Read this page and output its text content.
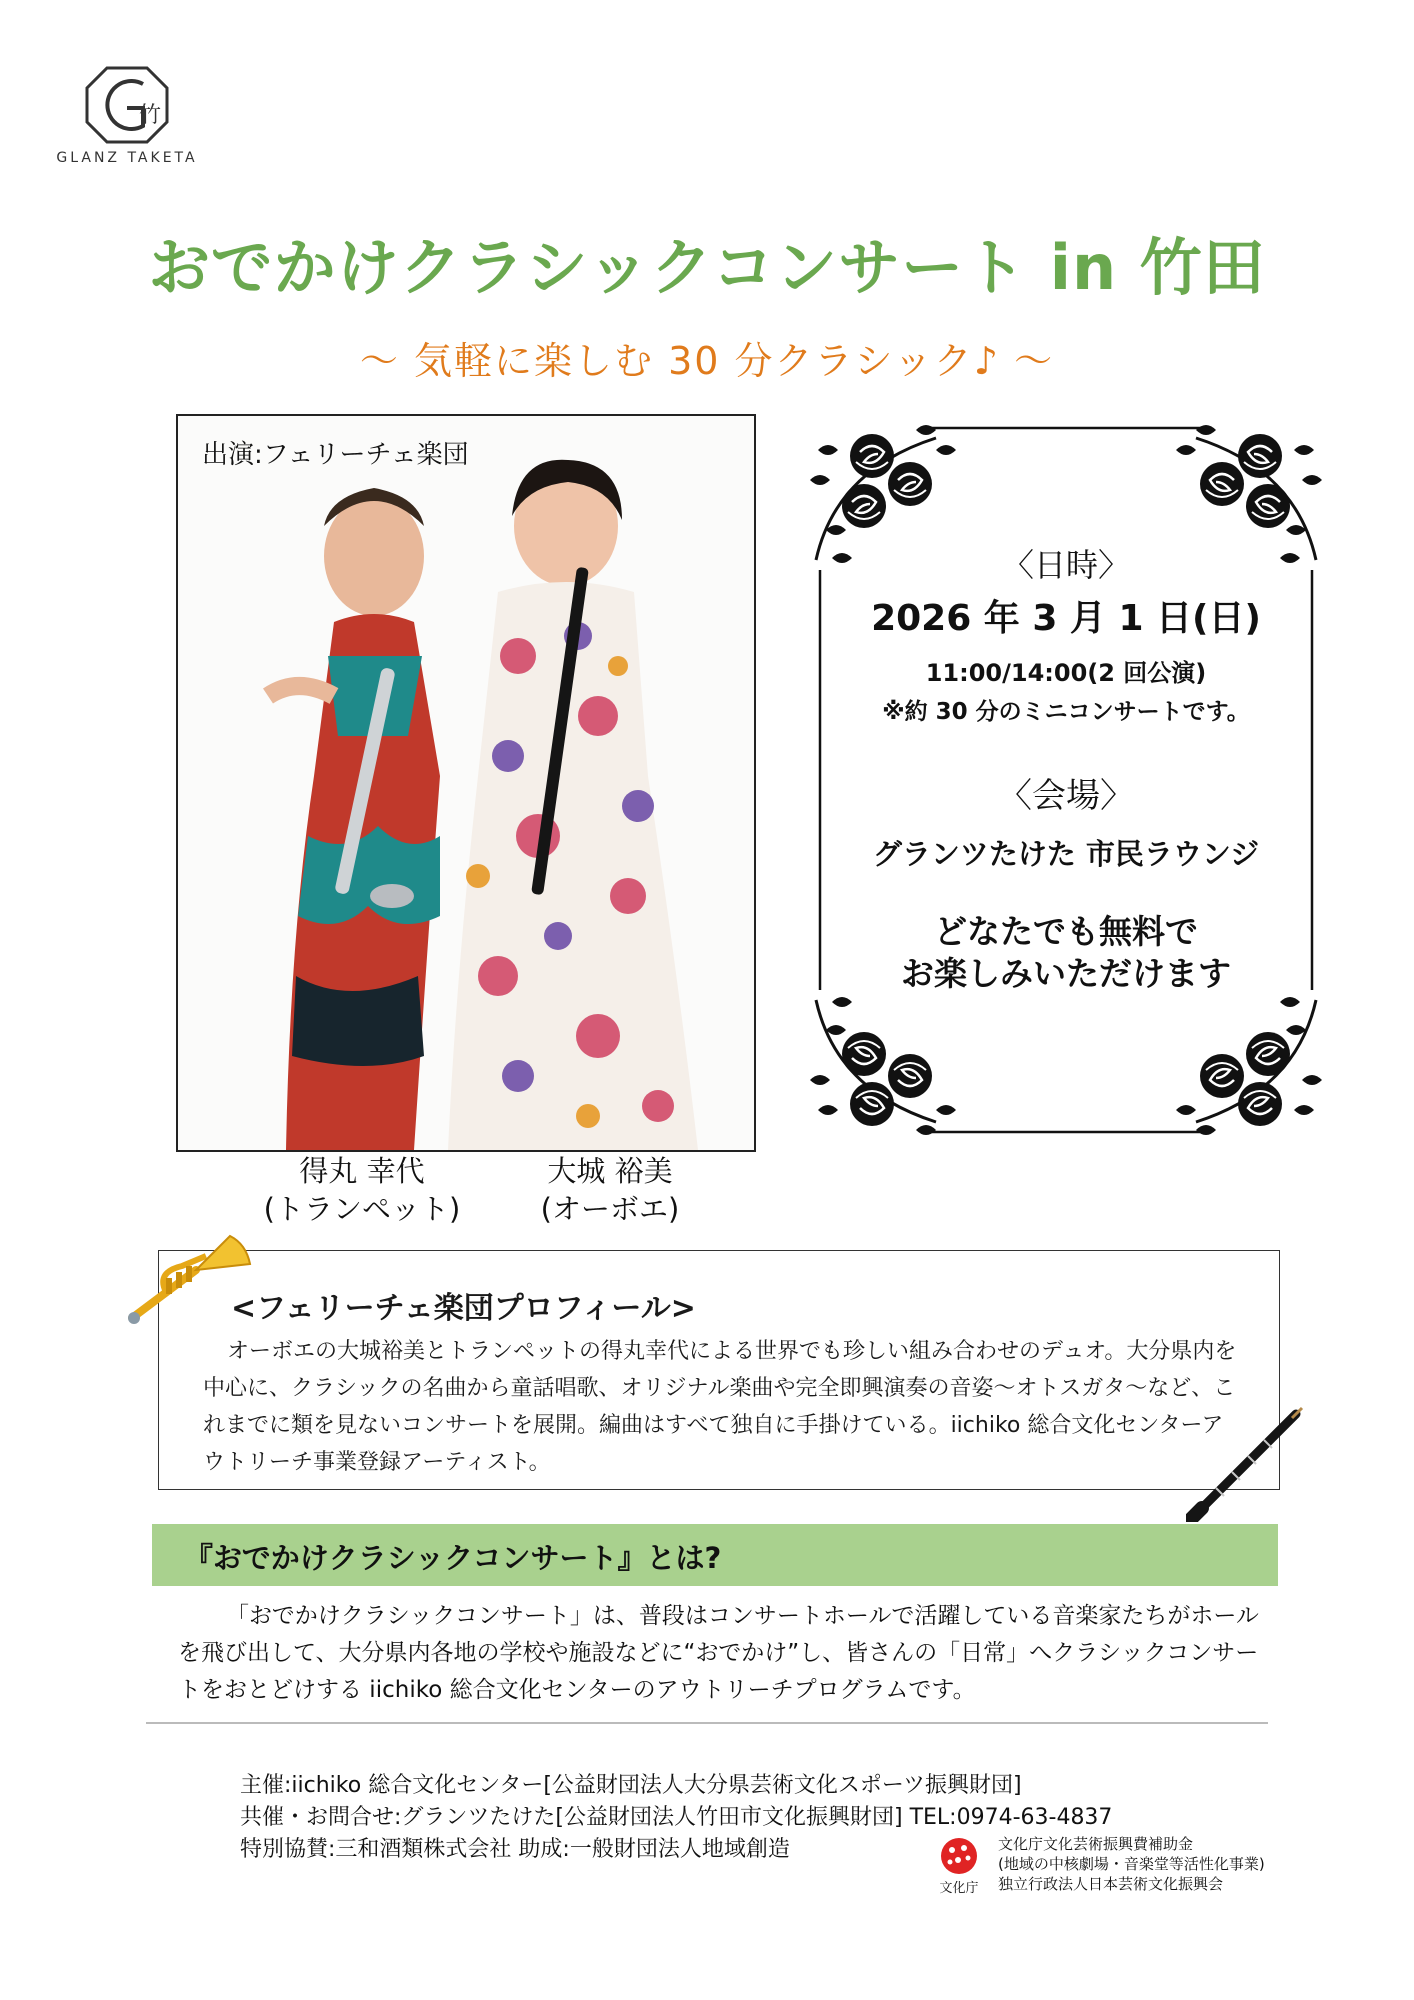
竹
GLANZ TAKETA
おでかけクラシックコンサート in 竹田
～ 気軽に楽しむ 30 分クラシック♪ ～
出演:フェリーチェ楽団
得丸 幸代
(トランペット)
大城 裕美
(オーボエ)
〈日時〉
2026 年 3 月 1 日(日)
11:00/14:00(2 回公演)
※約 30 分のミニコンサートです。
〈会場〉
グランツたけた 市民ラウンジ
どなたでも無料で
お楽しみいただけます
<フェリーチェ楽団プロフィール>
オーボエの大城裕美とトランペットの得丸幸代による世界でも珍しい組み合わせのデュオ。大分県内を中心に、クラシックの名曲から童話唱歌、オリジナル楽曲や完全即興演奏の音姿～オトスガタ～など、これまでに類を見ないコンサートを展開。編曲はすべて独自に手掛けている。iichiko 総合文化センターアウトリーチ事業登録アーティスト。
『おでかけクラシックコンサート』とは?
「おでかけクラシックコンサート」は、普段はコンサートホールで活躍している音楽家たちがホールを飛び出して、大分県内各地の学校や施設などに“おでかけ”し、皆さんの「日常」へクラシックコンサートをおとどけする iichiko 総合文化センターのアウトリーチプログラムです。
主催:iichiko 総合文化センター[公益財団法人大分県芸術文化スポーツ振興財団]
共催・お問合せ:グランツたけた[公益財団法人竹田市文化振興財団] TEL:0974-63-4837
特別協賛:三和酒類株式会社 助成:一般財団法人地域創造
文化庁
文化庁文化芸術振興費補助金
(地域の中核劇場・音楽堂等活性化事業)
独立行政法人日本芸術文化振興会
